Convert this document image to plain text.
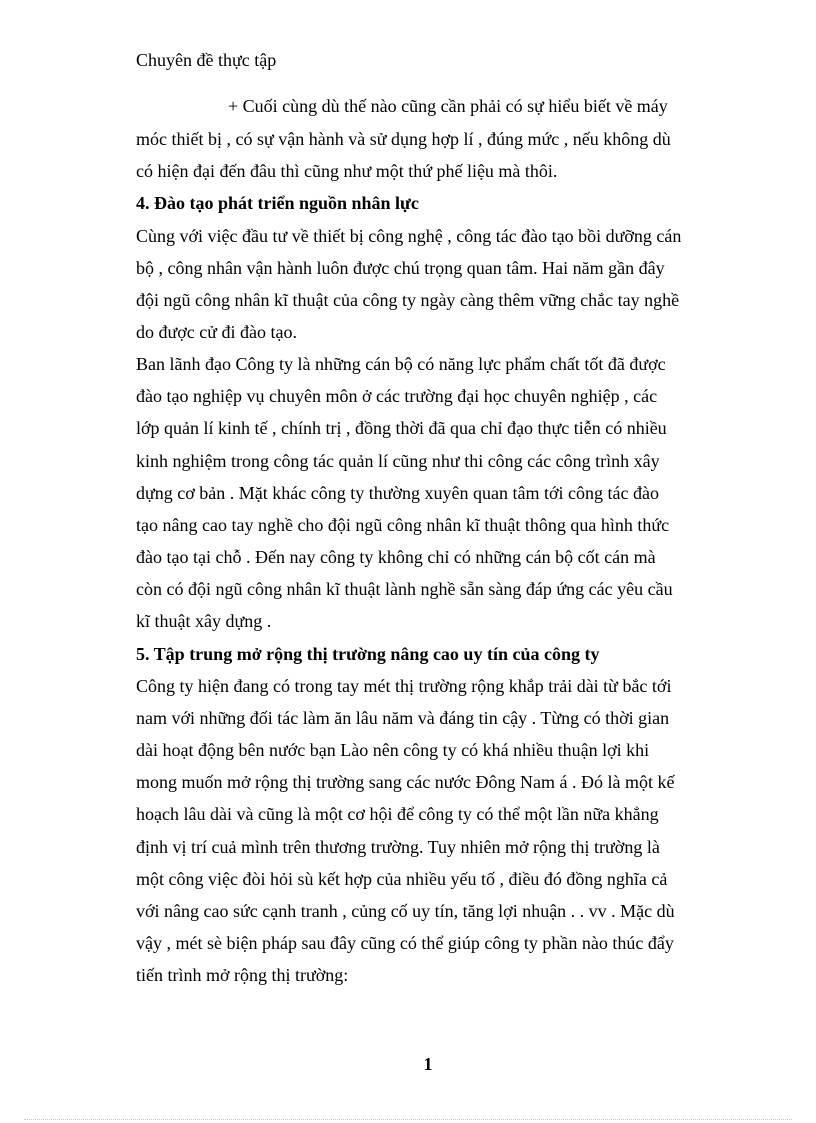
Chuyên đề thực tập
+ Cuối cùng dù thế nào cũng cần phải có sự hiểu biết về máy
móc thiết bị , có sự vận hành và sử dụng hợp lí , đúng mức , nếu không dù
có hiện đại đến đâu thì cũng như một thứ phế liệu mà thôi.
4. Đào tạo phát triển nguồn nhân lực
Cùng với việc đầu tư về thiết bị công nghệ , công tác đào tạo bồi dưỡng cán
bộ , công nhân vận hành luôn được chú trọng quan tâm. Hai năm gần đây
đội ngũ công nhân kĩ thuật của công ty ngày càng thêm vững chắc tay nghề
do được cử đi đào tạo.
Ban lãnh đạo Công ty là những cán bộ có năng lực phẩm chất tốt đã được
đào tạo nghiệp vụ chuyên môn ở các trường đại học chuyên nghiệp , các
lớp quản lí kinh tế , chính trị , đồng thời đã qua chỉ đạo thực tiễn có nhiều
kinh nghiệm trong công tác quản lí cũng như thi công các công trình xây
dựng cơ bản . Mặt khác công ty thường xuyên quan tâm tới công tác đào
tạo nâng cao tay nghề cho đội ngũ công nhân kĩ thuật thông qua hình thức
đào tạo tại chỗ . Đến nay công ty không chỉ có những cán bộ cốt cán mà
còn có đội ngũ công nhân kĩ thuật lành nghề sẵn sàng đáp ứng các yêu cầu
kĩ thuật xây dựng .
5. Tập trung mở rộng thị trường nâng cao uy tín của công ty
Công ty hiện đang có trong tay mét thị trường rộng khắp trải dài từ bắc tới
nam với những đối tác làm ăn lâu năm và đáng tin cậy . Từng có thời gian
dài hoạt động bên nước bạn Lào nên công ty có khá nhiều thuận lợi khi
mong muốn mở rộng thị trường sang các nước Đông Nam á . Đó là một kế
hoạch lâu dài và cũng là một cơ hội để công ty có thể một lần nữa khẳng
định vị trí cuả mình trên thương trường. Tuy nhiên mở rộng thị trường là
một công việc đòi hỏi sù kết hợp của nhiều yếu tố , điều đó đồng nghĩa cả
với nâng cao sức cạnh tranh , củng cố uy tín, tăng lợi nhuận . . vv . Mặc dù
vậy , mét sè biện pháp sau đây cũng có thể giúp công ty phần nào thúc đẩy
tiến trình mở rộng thị trường:
1
